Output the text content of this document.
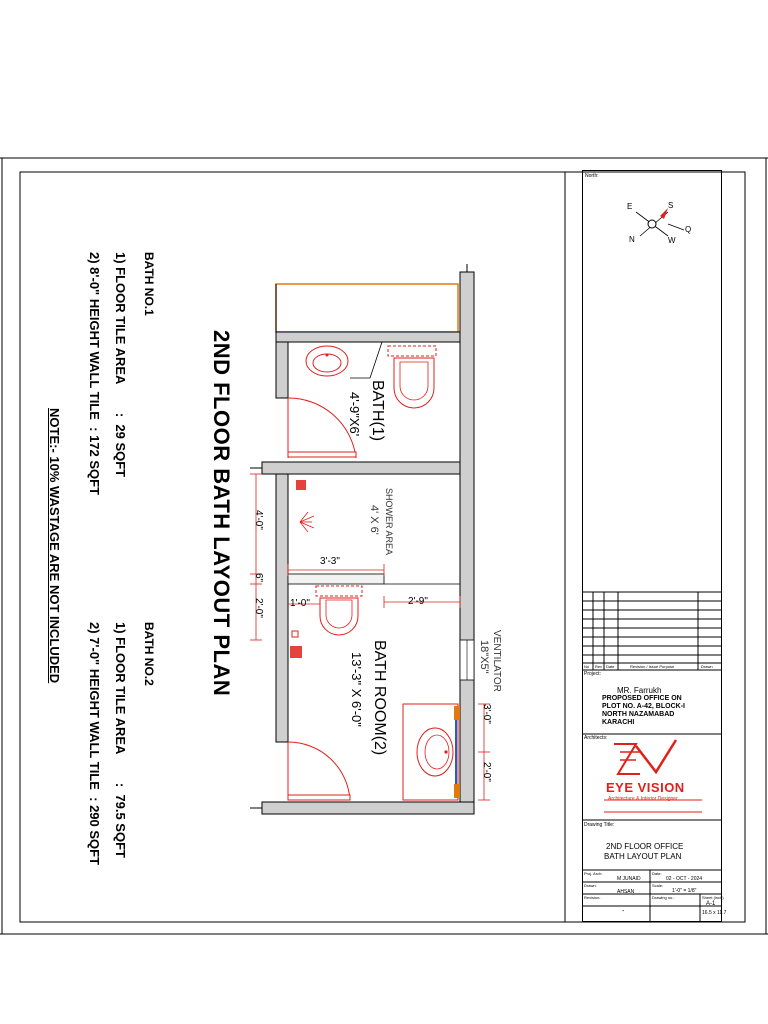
2ND FLOOR BATH LAYOUT PLAN	BATH(1)
4'-9"X6'
SHOWER AREA
4' X 6'
BATH ROOM(2)
13'-3" X 6'-0"	VENTILATOR
18"X5"
4'-0"
6"
2'-0"
3'-3"
1'-0"	2'-9"
3'-0"
2'-0"
BATH NO.1
1) FLOOR TILE AREA        :  29 SQFT
2) 8'-0" HEIGHT WALL TILE  : 172 SQFT
BATH NO.2
1) FLOOR TILE AREA        :  79.5 SQFT
2) 7'-0" HEIGHT WALL TILE  : 290 SQFT
NOTE:- 10% WASTAGE ARE NOT INCLUDED
North:
E	S
Q
N	W
No Rev Date	Revision / Issue Purpose	Drawn
Project:
MR. Farrukh
PROPOSED OFFICE ON
PLOT NO. A-42, BLOCK-I
NORTH NAZAMABAD
KARACHI
Architects:
EYE VISION
Architecture & Interior Designer
Drawing Title:
2ND FLOOR OFFICE
BATH LAYOUT PLAN
Proj. Arch:
M JUNAID
Date:
02 - OCT - 2024
Drawn:
AHSAN
Scale:
1'-0" = 1/8"
Revision:	Drawing no.:
-
Sheet (inch)
A-1
16.5 x 11.7
